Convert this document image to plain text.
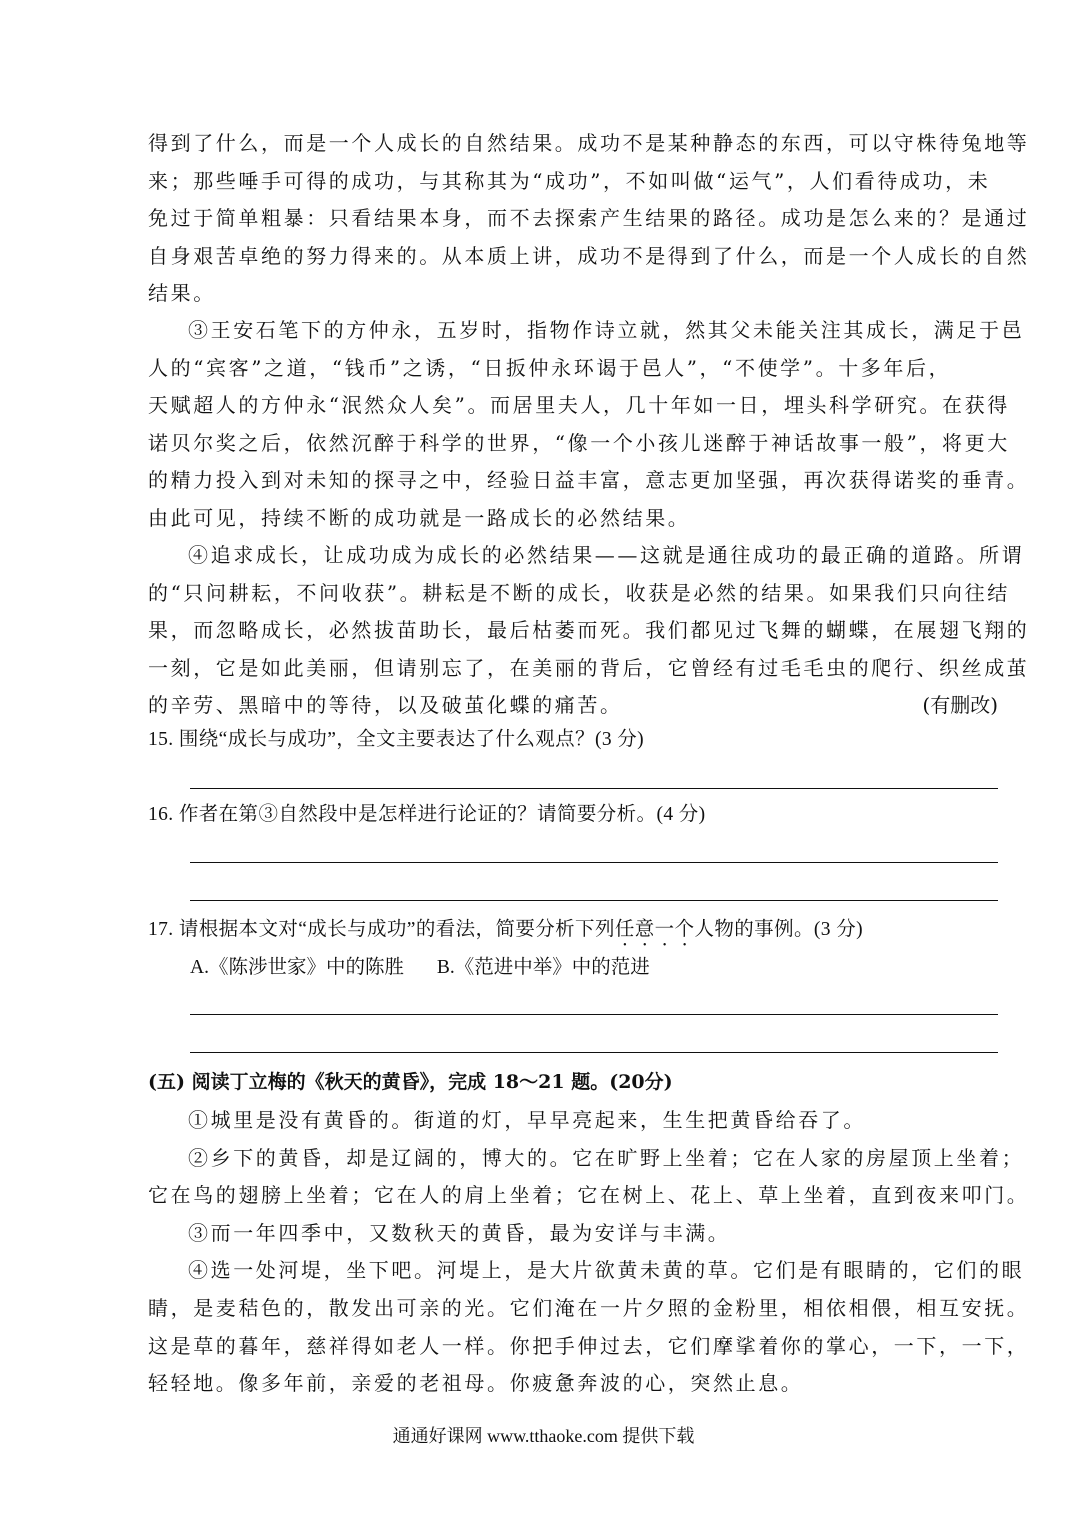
得到了什么，而是一个人成长的自然结果。成功不是某种静态的东西，可以守株待兔地等
来；那些唾手可得的成功，与其称其为“成功”，不如叫做“运气”，人们看待成功，未
免过于简单粗暴：只看结果本身，而不去探索产生结果的路径。成功是怎么来的？是通过
自身艰苦卓绝的努力得来的。从本质上讲，成功不是得到了什么，而是一个人成长的自然
结果。
③王安石笔下的方仲永，五岁时，指物作诗立就，然其父未能关注其成长，满足于邑
人的“宾客”之道，“钱币”之诱，“日扳仲永环谒于邑人”，“不使学”。十多年后，
天赋超人的方仲永“泯然众人矣”。而居里夫人，几十年如一日，埋头科学研究。在获得
诺贝尔奖之后，依然沉醉于科学的世界，“像一个小孩儿迷醉于神话故事一般”，将更大
的精力投入到对未知的探寻之中，经验日益丰富，意志更加坚强，再次获得诺奖的垂青。
由此可见，持续不断的成功就是一路成长的必然结果。
④追求成长，让成功成为成长的必然结果——这就是通往成功的最正确的道路。所谓
的“只问耕耘，不问收获”。耕耘是不断的成长，收获是必然的结果。如果我们只向往结
果，而忽略成长，必然拔苗助长，最后枯萎而死。我们都见过飞舞的蝴蝶，在展翅飞翔的
一刻，它是如此美丽，但请别忘了，在美丽的背后，它曾经有过毛毛虫的爬行、织丝成茧
的辛劳、黑暗中的等待，以及破茧化蝶的痛苦。	(有删改)
15. 围绕“成长与成功”，全文主要表达了什么观点？(3 分)
16. 作者在第③自然段中是怎样进行论证的？请简要分析。(4 分)
17. 请根据本文对“成长与成功”的看法，简要分析下列任意一个人物的事例。(3 分)
A.《陈涉世家》中的陈胜 B.《范进中举》中的范进
(五) 阅读丁立梅的《秋天的黄昏》，完成 18～21 题。(20分)
①城里是没有黄昏的。街道的灯，早早亮起来，生生把黄昏给吞了。
②乡下的黄昏，却是辽阔的，博大的。它在旷野上坐着；它在人家的房屋顶上坐着；
它在鸟的翅膀上坐着；它在人的肩上坐着；它在树上、花上、草上坐着，直到夜来叩门。
③而一年四季中，又数秋天的黄昏，最为安详与丰满。
④选一处河堤，坐下吧。河堤上，是大片欲黄未黄的草。它们是有眼睛的，它们的眼
睛，是麦秸色的，散发出可亲的光。它们淹在一片夕照的金粉里，相依相偎，相互安抚。
这是草的暮年，慈祥得如老人一样。你把手伸过去，它们摩挲着你的掌心，一下，一下，
轻轻地。像多年前，亲爱的老祖母。你疲惫奔波的心，突然止息。
通通好课网 www.tthaoke.com 提供下载
